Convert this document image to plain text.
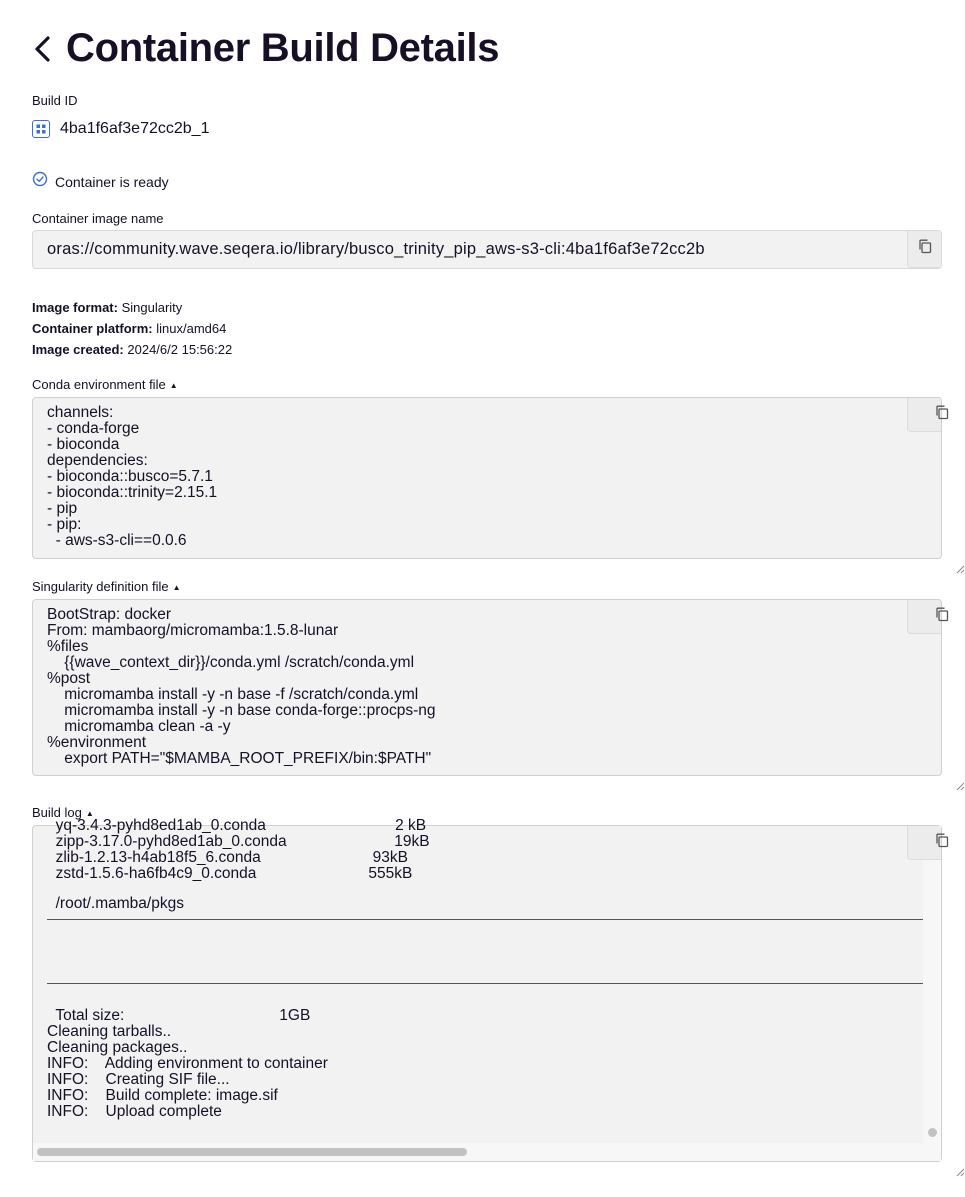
Container Build Details
Build ID
4ba1f6af3e72cc2b_1
Container is ready
Container image name
oras://community.wave.seqera.io/library/busco_trinity_pip_aws-s3-cli:4ba1f6af3e72cc2b
Image format: Singularity
Container platform: linux/amd64
Image created: 2024/6/2 15:56:22
Conda environment file ▲

channels:
- conda-forge
- bioconda
dependencies:
- bioconda::busco=5.7.1
- bioconda::trinity=2.15.1
- pip
- pip:
- aws-s3-cli==0.0.6

Singularity definition file ▲

BootStrap: docker
From: mambaorg/micromamba:1.5.8-lunar
%files
{{wave_context_dir}}/conda.yml /scratch/conda.yml
%post
micromamba install -y -n base -f /scratch/conda.yml
micromamba install -y -n base conda-forge::procps-ng
micromamba clean -a -y
%environment
export PATH="$MAMBA_ROOT_PREFIX/bin:$PATH"

Build log ▲

yq-3.4.3-pyhd8ed1ab_0.conda                              2 kB
zipp-3.17.0-pyhd8ed1ab_0.conda                         19kB
zlib-1.2.13-h4ab18f5_6.conda                          93kB
zstd-1.5.6-ha6fb4c9_0.conda                          555kB

/root/.mamba/pkgs

Total size:                                    1GB
Cleaning tarballs..
Cleaning packages..
INFO:    Adding environment to container
INFO:    Creating SIF file...
INFO:    Build complete: image.sif
INFO:    Upload complete
